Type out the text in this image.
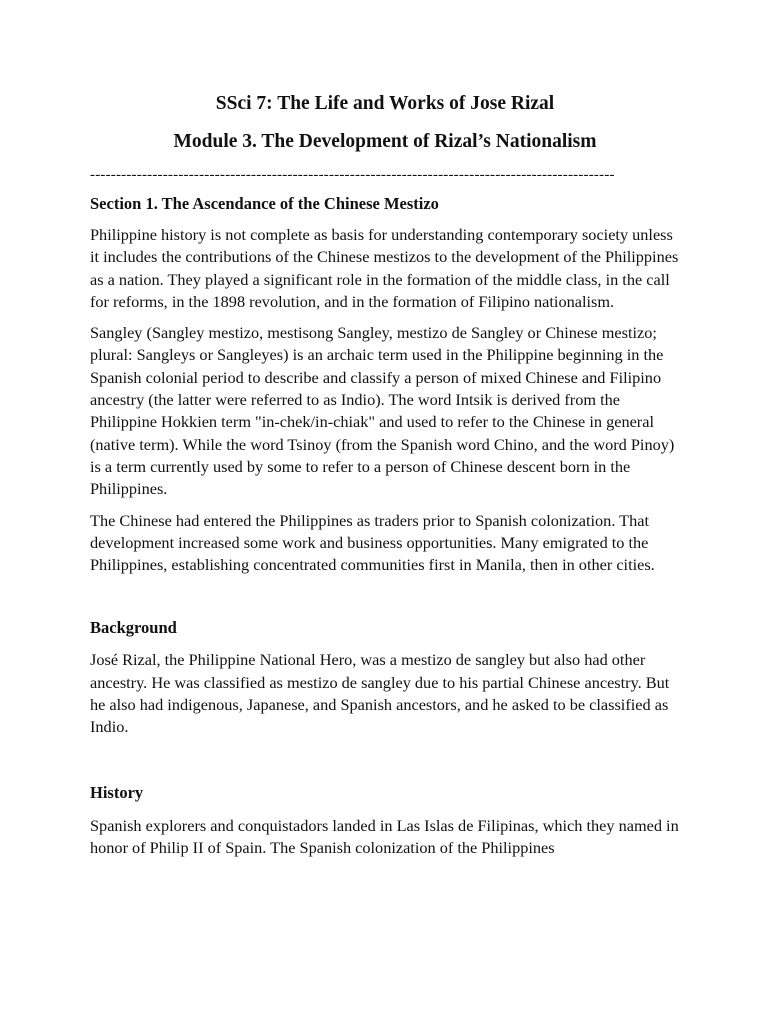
SSci 7: The Life and Works of Jose Rizal
Module 3. The Development of Rizal’s Nationalism
-----------------------------------------------------------------------------------------------------
Section 1. The Ascendance of the Chinese Mestizo

Philippine history is not complete as basis for understanding contemporary society unless it includes the contributions of the Chinese mestizos to the development of the Philippines as a nation. They played a significant role in the formation of the middle class, in the call for reforms, in the 1898 revolution, and in the formation of Filipino nationalism.

Sangley (Sangley mestizo, mestisong Sangley, mestizo de Sangley or Chinese mestizo; plural: Sangleys or Sangleyes) is an archaic term used in the Philippine beginning in the Spanish colonial period to describe and classify a person of mixed Chinese and Filipino ancestry (the latter were referred to as Indio). The word Intsik is derived from the Philippine Hokkien term "in-chek/in-chiak" and used to refer to the Chinese in general (native term). While the word Tsinoy (from the Spanish word Chino, and the word Pinoy) is a term currently used by some to refer to a person of Chinese descent born in the Philippines.

The Chinese had entered the Philippines as traders prior to Spanish colonization. That development increased some work and business opportunities. Many emigrated to the Philippines, establishing concentrated communities first in Manila, then in other cities.

Background

José Rizal, the Philippine National Hero, was a mestizo de sangley but also had other ancestry. He was classified as mestizo de sangley due to his partial Chinese ancestry. But he also had indigenous, Japanese, and Spanish ancestors, and he asked to be classified as Indio.

History

Spanish explorers and conquistadors landed in Las Islas de Filipinas, which they named in honor of Philip II of Spain. The Spanish colonization of the Philippines
